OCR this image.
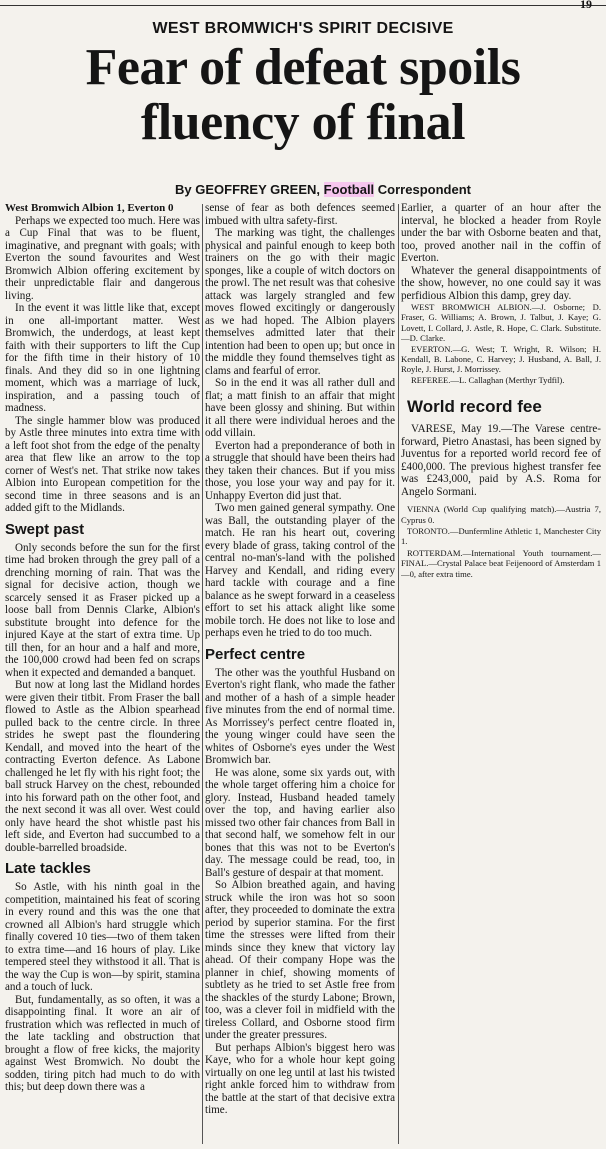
19
WEST BROMWICH'S SPIRIT DECISIVE
Fear of defeat spoils
fluency of final
By GEOFFREY GREEN, Football Correspondent

West Bromwich Albion 1, Everton 0

Perhaps we expected too much. Here was a Cup Final that was to be fluent, imaginative, and pregnant with goals; with Everton the sound favourites and West Bromwich Albion offering excitement by their unpredictable flair and dangerous living.

In the event it was little like that, except in one all-important matter. West Bromwich, the underdogs, at least kept faith with their supporters to lift the Cup for the fifth time in their history of 10 finals. And they did so in one lightning moment, which was a marriage of luck, inspiration, and a passing touch of madness.

The single hammer blow was produced by Astle three minutes into extra time with a left foot shot from the edge of the penalty area that flew like an arrow to the top corner of West's net. That strike now takes Albion into European competition for the second time in three seasons and is an added gift to the Midlands.

Swept past

Only seconds before the sun for the first time had broken through the grey pall of a drenching morning of rain. That was the signal for decisive action, though we scarcely sensed it as Fraser picked up a loose ball from Dennis Clarke, Albion's substitute brought into defence for the injured Kaye at the start of extra time. Up till then, for an hour and a half and more, the 100,000 crowd had been fed on scraps when it expected and demanded a banquet.

But now at long last the Midland hordes were given their titbit. From Fraser the ball flowed to Astle as the Albion spearhead pulled back to the centre circle. In three strides he swept past the floundering Kendall, and moved into the heart of the contracting Everton defence. As Labone challenged he let fly with his right foot; the ball struck Harvey on the chest, rebounded into his forward path on the other foot, and the next second it was all over. West could only have heard the shot whistle past his left side, and Everton had succumbed to a double-barrelled broadside.

Late tackles

So Astle, with his ninth goal in the competition, maintained his feat of scoring in every round and this was the one that crowned all Albion's hard struggle which finally covered 10 ties—two of them taken to extra time—and 16 hours of play. Like tempered steel they withstood it all. That is the way the Cup is won—by spirit, stamina and a touch of luck.

But, fundamentally, as so often, it was a disappointing final. It wore an air of frustration which was reflected in much of the late tackling and obstruction that brought a flow of free kicks, the majority against West Bromwich. No doubt the sodden, tiring pitch had much to do with this; but deep down there was a

sense of fear as both defences seemed imbued with ultra safety-first.

The marking was tight, the challenges physical and painful enough to keep both trainers on the go with their magic sponges, like a couple of witch doctors on the prowl. The net result was that cohesive attack was largely strangled and few moves flowed excitingly or dangerously as we had hoped. The Albion players themselves admitted later that their intention had been to open up; but once in the middle they found themselves tight as clams and fearful of error.

So in the end it was all rather dull and flat; a matt finish to an affair that might have been glossy and shining. But within it all there were individual heroes and the odd villain.

Everton had a preponderance of both in a struggle that should have been theirs had they taken their chances. But if you miss those, you lose your way and pay for it. Unhappy Everton did just that.

Two men gained general sympathy. One was Ball, the outstanding player of the match. He ran his heart out, covering every blade of grass, taking control of the central no-man's-land with the polished Harvey and Kendall, and riding every hard tackle with courage and a fine balance as he swept forward in a ceaseless effort to set his attack alight like some mobile torch. He does not like to lose and perhaps even he tried to do too much.

Perfect centre

The other was the youthful Husband on Everton's right flank, who made the father and mother of a hash of a simple header five minutes from the end of normal time. As Morrissey's perfect centre floated in, the young winger could have seen the whites of Osborne's eyes under the West Bromwich bar.

He was alone, some six yards out, with the whole target offering him a choice for glory. Instead, Husband headed tamely over the top, and having earlier also missed two other fair chances from Ball in that second half, we somehow felt in our bones that this was not to be Everton's day. The message could be read, too, in Ball's gesture of despair at that moment.

So Albion breathed again, and having struck while the iron was hot so soon after, they proceeded to dominate the extra period by superior stamina. For the first time the stresses were lifted from their minds since they knew that victory lay ahead. Of their company Hope was the planner in chief, showing moments of subtlety as he tried to set Astle free from the shackles of the sturdy Labone; Brown, too, was a clever foil in midfield with the tireless Collard, and Osborne stood firm under the greater pressures.

But perhaps Albion's biggest hero was Kaye, who for a whole hour kept going virtually on one leg until at last his twisted right ankle forced him to withdraw from the battle at the start of that decisive extra time.

Earlier, a quarter of an hour after the interval, he blocked a header from Royle under the bar with Osborne beaten and that, too, proved another nail in the coffin of Everton.

Whatever the general disappointments of the show, however, no one could say it was perfidious Albion this damp, grey day.

WEST BROMWICH ALBION.—J. Osborne; D. Fraser, G. Williams; A. Brown, J. Talbut, J. Kaye; G. Lovett, I. Collard, J. Astle, R. Hope, C. Clark. Substitute.—D. Clarke.

EVERTON.—G. West; T. Wright, R. Wilson; H. Kendall, B. Labone, C. Harvey; J. Husband, A. Ball, J. Royle, J. Hurst, J. Morrissey.

REFEREE.—L. Callaghan (Merthyr Tydfil).

World record fee

VARESE, May 19.—The Varese centre-forward, Pietro Anastasi, has been signed by Juventus for a reported world record fee of £400,000. The previous highest transfer fee was £243,000, paid by A.S. Roma for Angelo Sormani.

VIENNA (World Cup qualifying match).—Austria 7, Cyprus 0.

TORONTO.—Dunfermline Athletic 1, Manchester City 1.

ROTTERDAM.—International Youth tournament.—FINAL.—Crystal Palace beat Feijenoord of Amsterdam 1—0, after extra time.
